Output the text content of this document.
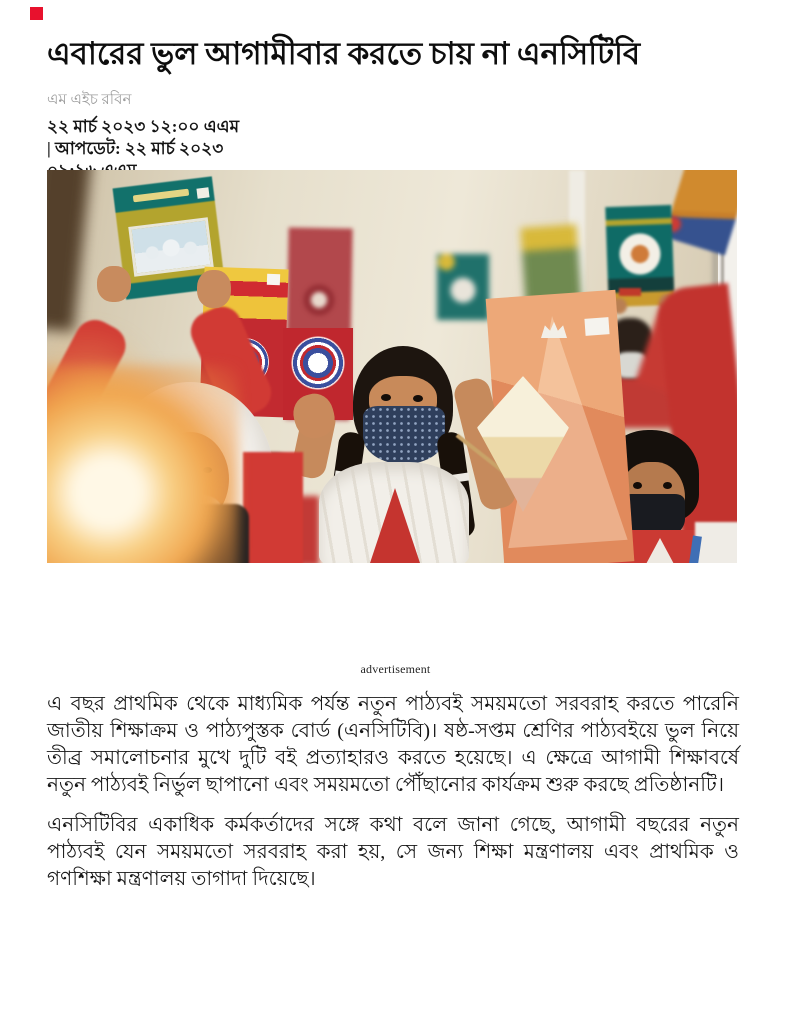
এবারের ভুল আগামীবার করতে চায় না এনসিটিবি

এম এইচ রবিন

২২ মার্চ ২০২৩ ১২:০০ এএম

| আপডেট: ২২ মার্চ ২০২৩

advertisement

এ বছর প্রাথমিক থেকে মাধ্যমিক পর্যন্ত নতুন পাঠ্যবই সময়মতো সরবরাহ করতে পারেনি জাতীয় শিক্ষাক্রম ও পাঠ্যপুস্তক বোর্ড (এনসিটিবি)। ষষ্ঠ-সপ্তম শ্রেণির পাঠ্যবইয়ে ভুল নিয়ে তীব্র সমালোচনার মুখে দুটি বই প্রত্যাহারও করতে হয়েছে। এ ক্ষেত্রে আগামী শিক্ষাবর্ষে নতুন পাঠ্যবই নির্ভুল ছাপানো এবং সময়মতো পৌঁছানোর কার্যক্রম শুরু করছে প্রতিষ্ঠানটি।

এনসিটিবির একাধিক কর্মকর্তাদের সঙ্গে কথা বলে জানা গেছে, আগামী বছরের নতুন পাঠ্যবই যেন সময়মতো সরবরাহ করা হয়, সে জন্য শিক্ষা মন্ত্রণালয় এবং প্রাথমিক ও গণশিক্ষা মন্ত্রণালয় তাগাদা দিয়েছে।
